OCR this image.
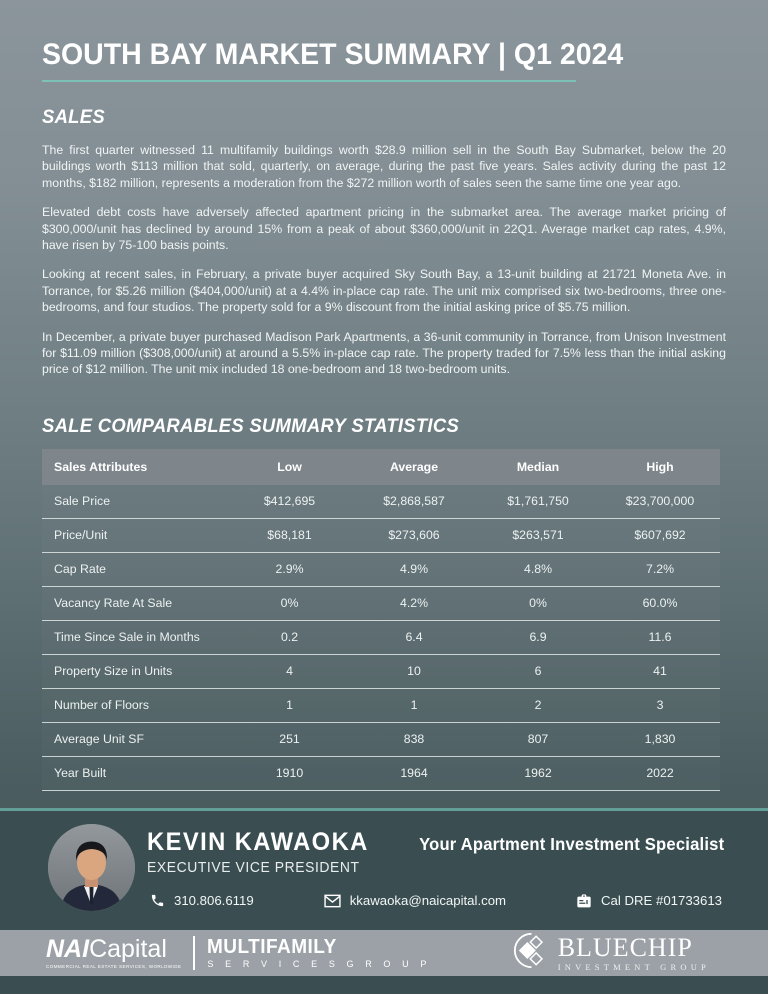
SOUTH BAY MARKET SUMMARY | Q1 2024
SALES

The first quarter witnessed 11 multifamily buildings worth $28.9 million sell in the South Bay Submarket, below the 20 buildings worth $113 million that sold, quarterly, on average, during the past five years. Sales activity during the past 12 months, $182 million, represents a moderation from the $272 million worth of sales seen the same time one year ago.

Elevated debt costs have adversely affected apartment pricing in the submarket area. The average market pricing of $300,000/unit has declined by around 15% from a peak of about $360,000/unit in 22Q1. Average market cap rates, 4.9%, have risen by 75-100 basis points.

Looking at recent sales, in February, a private buyer acquired Sky South Bay, a 13-unit building at 21721 Moneta Ave. in Torrance, for $5.26 million ($404,000/unit) at a 4.4% in-place cap rate. The unit mix comprised six two-bedrooms, three one-bedrooms, and four studios. The property sold for a 9% discount from the initial asking price of $5.75 million.

In December, a private buyer purchased Madison Park Apartments, a 36-unit community in Torrance, from Unison Investment for $11.09 million ($308,000/unit) at around a 5.5% in-place cap rate. The property traded for 7.5% less than the initial asking price of $12 million. The unit mix included 18 one-bedroom and 18 two-bedroom units.

SALE COMPARABLES SUMMARY STATISTICS
Sales Attributes	Low	Average	Median	High
Sale Price	$412,695	$2,868,587	$1,761,750	$23,700,000
Price/Unit	$68,181	$273,606	$263,571	$607,692
Cap Rate	2.9%	4.9%	4.8%	7.2%
Vacancy Rate At Sale	0%	4.2%	0%	60.0%
Time Since Sale in Months	0.2	6.4	6.9	11.6
Property Size in Units	4	10	6	41
Number of Floors	1	1	2	3
Average Unit SF	251	838	807	1,830
Year Built	1910	1964	1962	2022
KEVIN KAWAOKA
EXECUTIVE VICE PRESIDENT
Your Apartment Investment Specialist
310.806.6119	kkawaoka@naicapital.com	Cal DRE #01733613
NAICapital
COMMERCIAL REAL ESTATE SERVICES, WORLDWIDE
MULTIFAMILY
S E R V I C E S G R O U P
BLUECHIP
INVESTMENT GROUP
